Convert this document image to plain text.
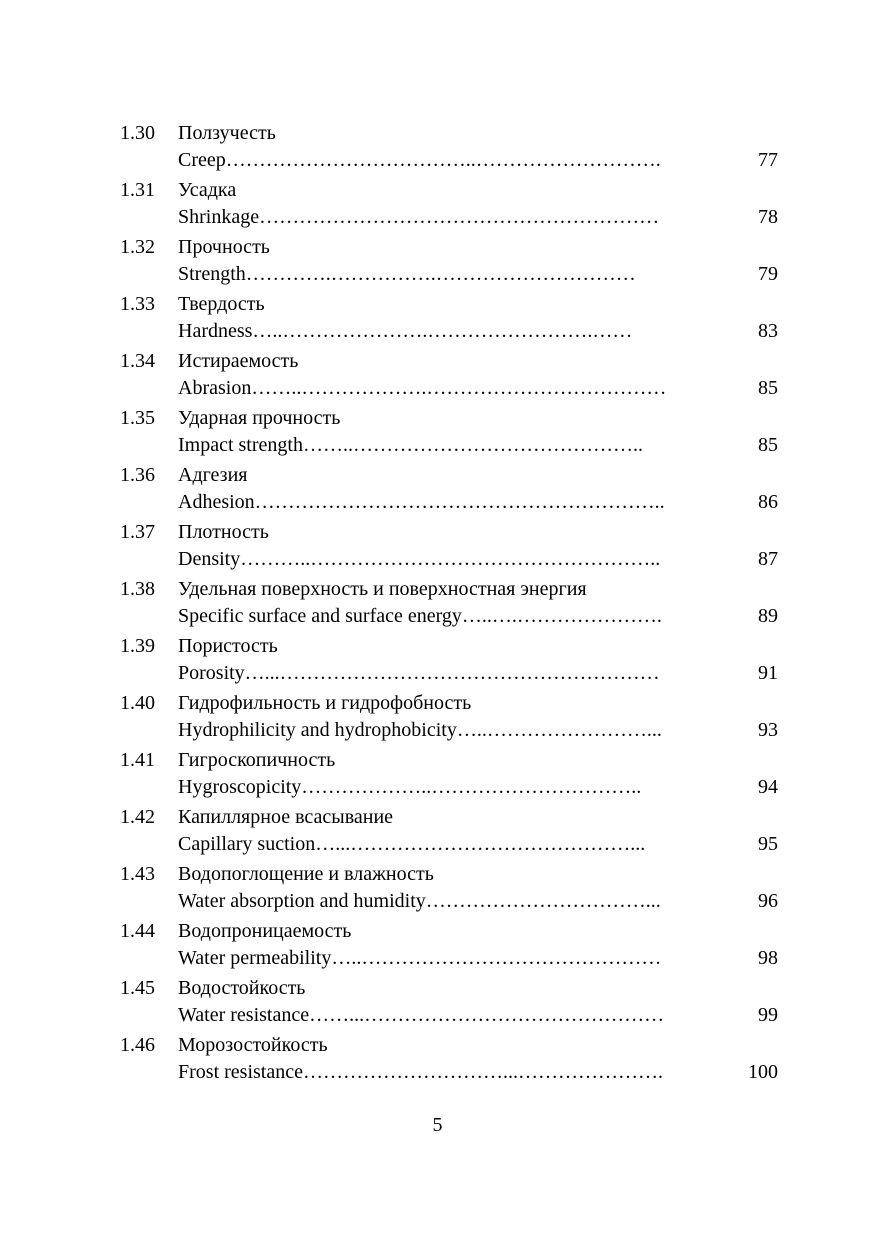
1.30 Ползучесть
Creep………………………………..……………………….	77
1.31 Усадка
Shrinkage……………………………………………………	78
1.32 Прочность
Strength………….…………….…………………………	79
1.33 Твердость
Hardness…..………………….…………………….……	83
1.34 Истираемость
Abrasion……..……………….………………………………	85
1.35 Ударная прочность
Impact strength……..……………………………………..	85
1.36 Адгезия
Adhesion……………………………………………………..	86
1.37 Плотность
Density………..……………………………………………..	87
1.38 Удельная поверхность и поверхностная энергия
Specific surface and surface energy…..….………………….	89
1.39 Пористость
Porosity…...…………………………………………………	91
1.40 Гидрофильность и гидрофобность
Hydrophilicity and hydrophobicity…..……………………...	93
1.41 Гигроскопичность
Hygroscopicity………………..…………………………..	94
1.42 Капиллярное всасывание
Capillary suction…...……………………………………...	95
1.43 Водопоглощение и влажность
Water absorption and humidity……………………………...	96
1.44 Водопроницаемость
Water permeability…..………………………………………	98
1.45 Водостойкость
Water resistance……...………………………………………	99
1.46 Морозостойкость
Frost resistance…………………………...………………….	100
5
